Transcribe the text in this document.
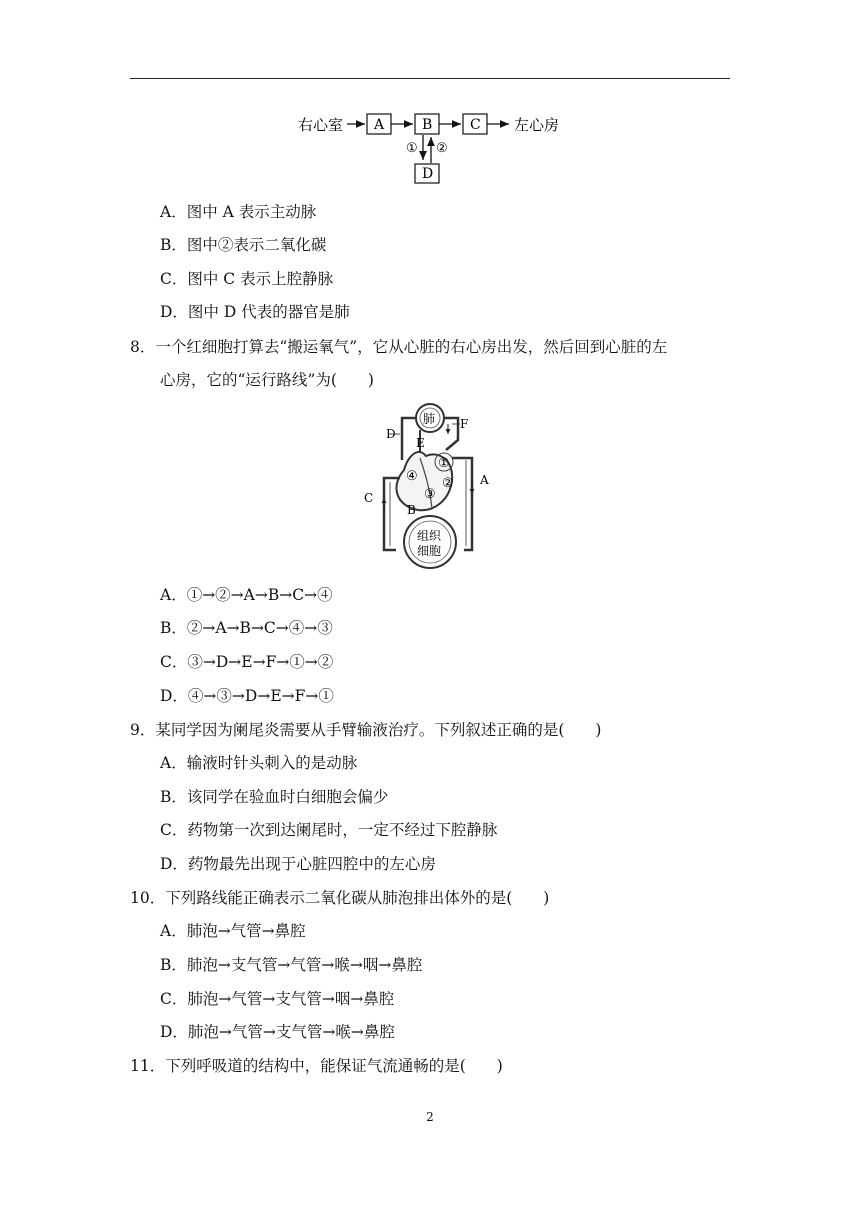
右心室 A	B	C 左心房
① ②
D
A．图中 A 表示主动脉
B．图中②表示二氧化碳
C．图中 C 表示上腔静脉
D．图中 D 代表的器官是肺
8．一个红细胞打算去“搬运氧气”，它从心脏的右心房出发，然后回到心脏的左
心房，它的“运行路线”为(　　)
肺
①
②
③
④
组织
细胞
A
B
C
D
E
F
A．①→②→A→B→C→④
B．②→A→B→C→④→③
C．③→D→E→F→①→②
D．④→③→D→E→F→①
9．某同学因为阑尾炎需要从手臂输液治疗。下列叙述正确的是(　　)
A．输液时针头刺入的是动脉
B．该同学在验血时白细胞会偏少
C．药物第一次到达阑尾时，一定不经过下腔静脉
D．药物最先出现于心脏四腔中的左心房
10．下列路线能正确表示二氧化碳从肺泡排出体外的是(　　)
A．肺泡→气管→鼻腔
B．肺泡→支气管→气管→喉→咽→鼻腔
C．肺泡→气管→支气管→咽→鼻腔
D．肺泡→气管→支气管→喉→鼻腔
11．下列呼吸道的结构中，能保证气流通畅的是(　　)
2
